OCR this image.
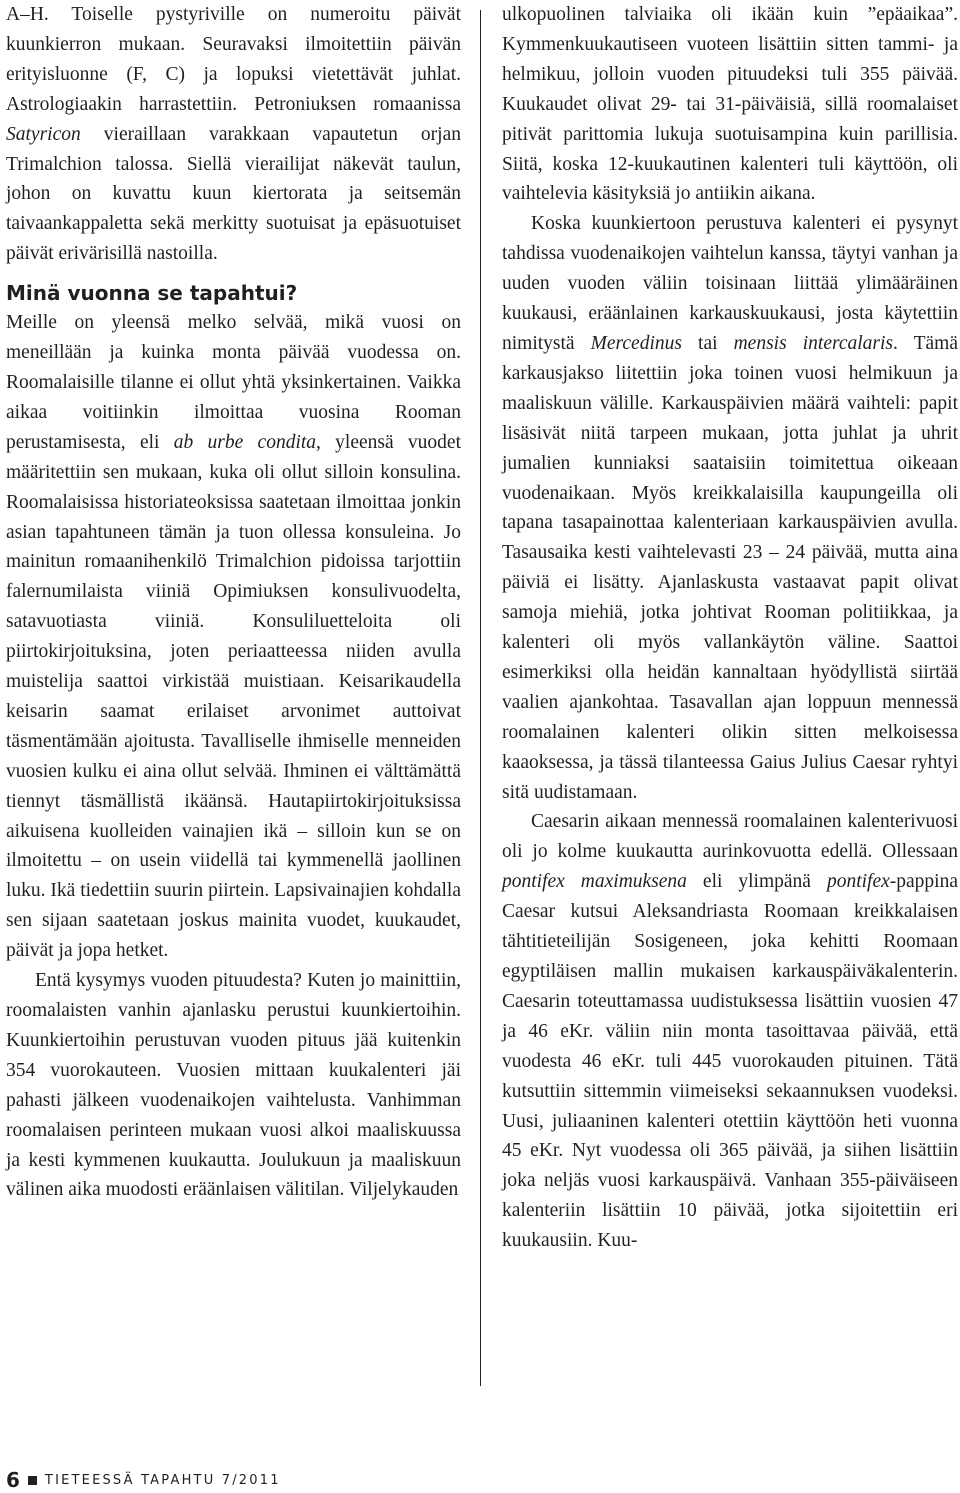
A–H. Toiselle pystyriville on numeroitu päivät kuunkierron mukaan. Seuravaksi ilmoitettiin päivän erityisluonne (F, C) ja lopuksi vietettävät juhlat. Astrologiaakin harrastettiin. Petroniuksen romaanissa Satyricon vieraillaan varakkaan vapautetun orjan Trimalchion talossa. Siellä vierailijat näkevät taulun, johon on kuvattu kuun kiertorata ja seitsemän taivaankappaletta sekä merkitty suotuisat ja epäsuotuiset päivät erivärisillä nastoilla.

Minä vuonna se tapahtui?

Meille on yleensä melko selvää, mikä vuosi on meneillään ja kuinka monta päivää vuodessa on. Roomalaisille tilanne ei ollut yhtä yksinkertainen. Vaikka aikaa voitiinkin ilmoittaa vuosina Rooman perustamisesta, eli ab urbe condita, yleensä vuodet määritettiin sen mukaan, kuka oli ollut silloin konsulina. Roomalaisissa historiateoksissa saatetaan ilmoittaa jonkin asian tapahtuneen tämän ja tuon ollessa konsuleina. Jo mainitun romaanihenkilö Trimalchion pidoissa tarjottiin falernumilaista viiniä Opimiuksen konsulivuodelta, satavuotiasta viiniä. Konsuliluetteloita oli piirtokirjoituksina, joten periaatteessa niiden avulla muistelija saattoi virkistää muistiaan. Keisarikaudella keisarin saamat erilaiset arvonimet auttoivat täsmentämään ajoitusta. Tavalliselle ihmiselle menneiden vuosien kulku ei aina ollut selvää. Ihminen ei välttämättä tiennyt täsmällistä ikäänsä. Hautapiirtokirjoituksissa aikuisena kuolleiden vainajien ikä – silloin kun se on ilmoitettu – on usein viidellä tai kymmenellä jaollinen luku. Ikä tiedettiin suurin piirtein. Lapsivainajien kohdalla sen sijaan saatetaan joskus mainita vuodet, kuukaudet, päivät ja jopa hetket.

Entä kysymys vuoden pituudesta? Kuten jo mainittiin, roomalaisten vanhin ajanlasku perustui kuunkiertoihin. Kuunkiertoihin perustuvan vuoden pituus jää kuitenkin 354 vuorokauteen. Vuosien mittaan kuukalenteri jäi pahasti jälkeen vuodenaikojen vaihtelusta. Vanhimman roomalaisen perinteen mukaan vuosi alkoi maaliskuussa ja kesti kymmenen kuukautta. Joulukuun ja maaliskuun välinen aika muodosti eräänlaisen välitilan. Viljelykauden

ulkopuolinen talviaika oli ikään kuin ”epäaikaa”. Kymmenkuukautiseen vuoteen lisättiin sitten tammi- ja helmikuu, jolloin vuoden pituudeksi tuli 355 päivää. Kuukaudet olivat 29- tai 31-päiväisiä, sillä roomalaiset pitivät parittomia lukuja suotuisampina kuin parillisia. Siitä, koska 12-kuukautinen kalenteri tuli käyttöön, oli vaihtelevia käsityksiä jo antiikin aikana.

Koska kuunkiertoon perustuva kalenteri ei pysynyt tahdissa vuodenaikojen vaihtelun kanssa, täytyi vanhan ja uuden vuoden väliin toisinaan liittää ylimääräinen kuukausi, eräänlainen karkauskuukausi, josta käytettiin nimitystä Mercedinus tai mensis intercalaris. Tämä karkausjakso liitettiin joka toinen vuosi helmikuun ja maaliskuun välille. Karkauspäivien määrä vaihteli: papit lisäsivät niitä tarpeen mukaan, jotta juhlat ja uhrit jumalien kunniaksi saataisiin toimitettua oikeaan vuodenaikaan. Myös kreikkalaisilla kaupungeilla oli tapana tasapainottaa kalenteriaan karkauspäivien avulla. Tasausaika kesti vaihtelevasti 23 – 24 päivää, mutta aina päiviä ei lisätty. Ajanlaskusta vastaavat papit olivat samoja miehiä, jotka johtivat Rooman politiikkaa, ja kalenteri oli myös vallankäytön väline. Saattoi esimerkiksi olla heidän kannaltaan hyödyllistä siirtää vaalien ajankohtaa. Tasavallan ajan loppuun mennessä roomalainen kalenteri olikin sitten melkoisessa kaaoksessa, ja tässä tilanteessa Gaius Julius Caesar ryhtyi sitä uudistamaan.

Caesarin aikaan mennessä roomalainen kalenterivuosi oli jo kolme kuukautta aurinkovuotta edellä. Ollessaan pontifex maximuksena eli ylimpänä pontifex-pappina Caesar kutsui Aleksandriasta Roomaan kreikkalaisen tähtitieteilijän Sosigeneen, joka kehitti Roomaan egyptiläisen mallin mukaisen karkauspäiväkalenterin. Caesarin toteuttamassa uudistuksessa lisättiin vuosien 47 ja 46 eKr. väliin niin monta tasoittavaa päivää, että vuodesta 46 eKr. tuli 445 vuorokauden pituinen. Tätä kutsuttiin sittemmin viimeiseksi sekaannuksen vuodeksi. Uusi, juliaaninen kalenteri otettiin käyttöön heti vuonna 45 eKr. Nyt vuodessa oli 365 päivää, ja siihen lisättiin joka neljäs vuosi karkauspäivä. Vanhaan 355-päiväiseen kalenteriin lisättiin 10 päivää, jotka sijoitettiin eri kuukausiin. Kuu-

6 TIETEESSÄ TAPAHTU 7/2011
